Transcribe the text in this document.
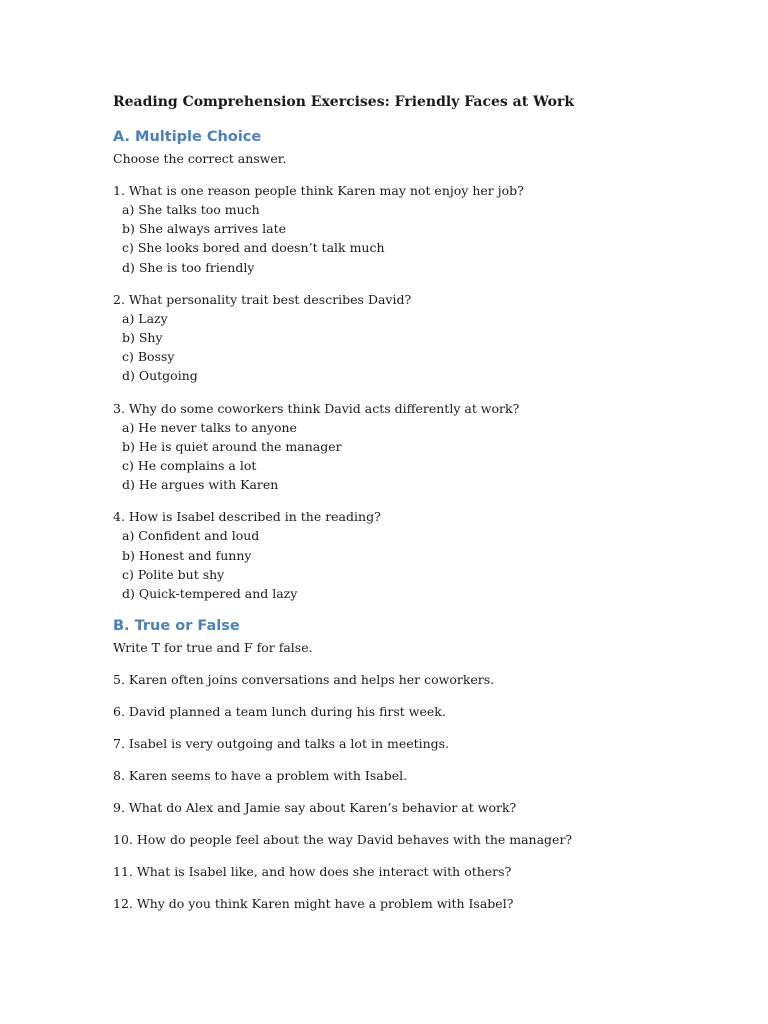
Reading Comprehension Exercises: Friendly Faces at Work
A. Multiple Choice

Choose the correct answer.

1. What is one reason people think Karen may not enjoy her job?

a) She talks too much

b) She always arrives late

c) She looks bored and doesn’t talk much

d) She is too friendly

2. What personality trait best describes David?

a) Lazy

b) Shy

c) Bossy

d) Outgoing

3. Why do some coworkers think David acts differently at work?

a) He never talks to anyone

b) He is quiet around the manager

c) He complains a lot

d) He argues with Karen

4. How is Isabel described in the reading?

a) Confident and loud

b) Honest and funny

c) Polite but shy

d) Quick-tempered and lazy

B. True or False

Write T for true and F for false.

5. Karen often joins conversations and helps her coworkers.

6. David planned a team lunch during his first week.

7. Isabel is very outgoing and talks a lot in meetings.

8. Karen seems to have a problem with Isabel.

9. What do Alex and Jamie say about Karen’s behavior at work?

10. How do people feel about the way David behaves with the manager?

11. What is Isabel like, and how does she interact with others?

12. Why do you think Karen might have a problem with Isabel?
